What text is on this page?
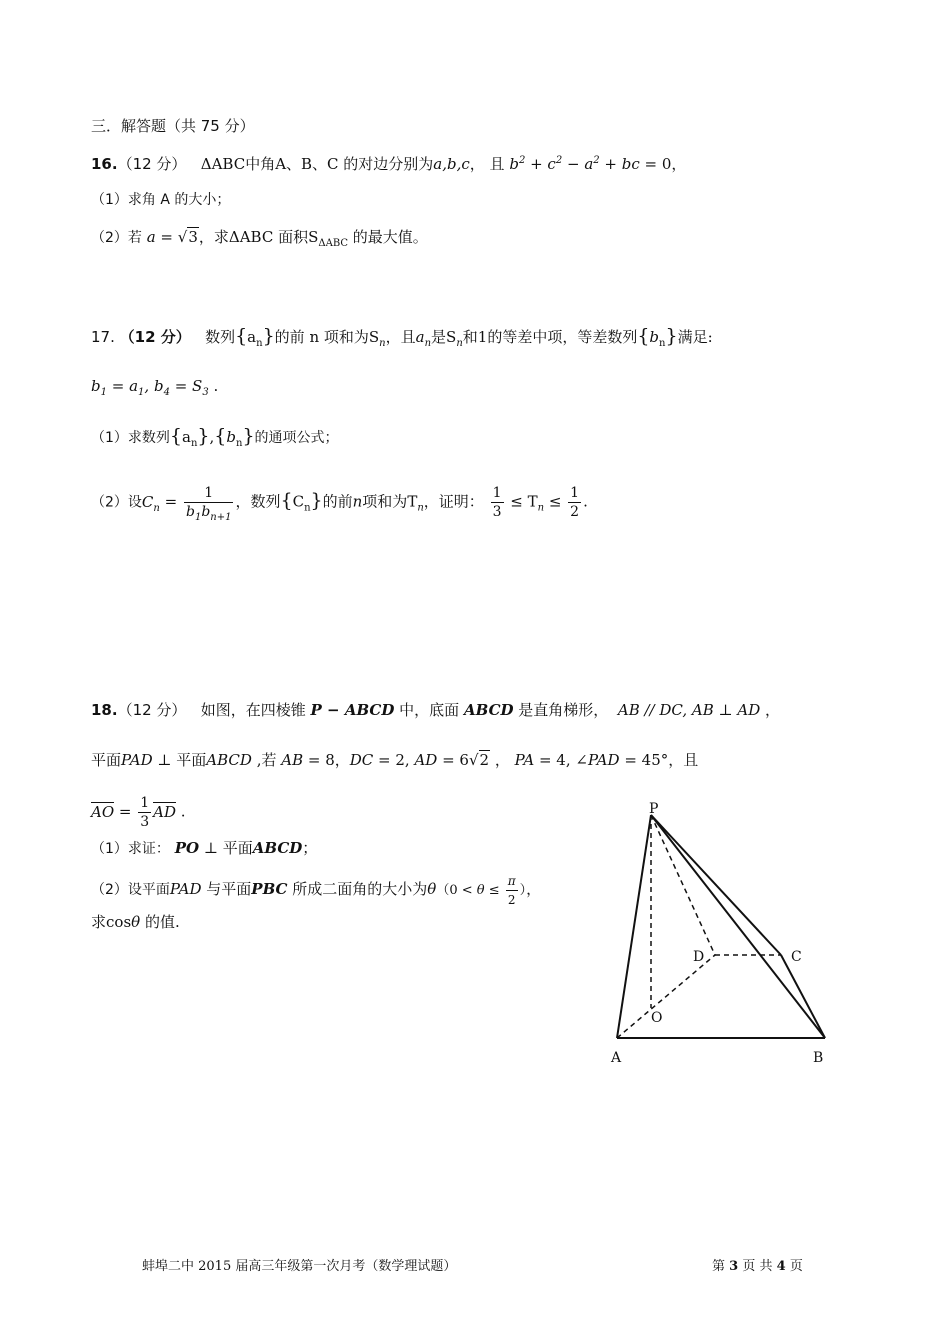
三．解答题（共 75 分）
16.（12 分） ΔABC中角A、B、C 的对边分别为a,b,c， 且 $b^2 + c^2 - a^2$ + bc = 0，
（1）求角 A 的大小；
（2）若 a = √3，求ΔABC 面积$S_{\Delta ABC}$ 的最大值。
17. （12 分） 数列$\{a_n\}$的前 n 项和为$S_n$，且$a_n$是$S_n$和1的等差中项，等差数列$\{b_n\}$满足:
$b_1 = a_1$, $b_4 = S_3$ .
（1）求数列$\{a_n\},\{b_n\}$的通项公式；
（2）设$C_n = \frac{1}{b_1b_{n+1}}$ ，数列$\{C_n\}$的前n项和为$T_n$，证明： $\frac{1}{3} \le T_n \le \frac{1}{2}$ .
18.（12 分） 如图，在四棱锥 P − ABCD 中，底面 ABCD 是直角梯形， AB // DC, AB ⊥ AD ，
平面PAD ⊥ 平面ABCD ,若 AB = 8，DC = 2, AD = 6√2 ， PA = 4, ∠PAD = 45°，且
AO = $\frac{1}{3}$ AD .
（1）求证： PO ⊥ 平面ABCD；
（2）设平面PAD 与平面PBC 所成二面角的大小为$\theta(0 < \theta \le \frac{\pi}{2}$ ），
求cosθ 的值.
P
D	C
O
A	B
蚌埠二中 2015 届高三年级第一次月考（数学理试题）	第 3 页 共 4 页
